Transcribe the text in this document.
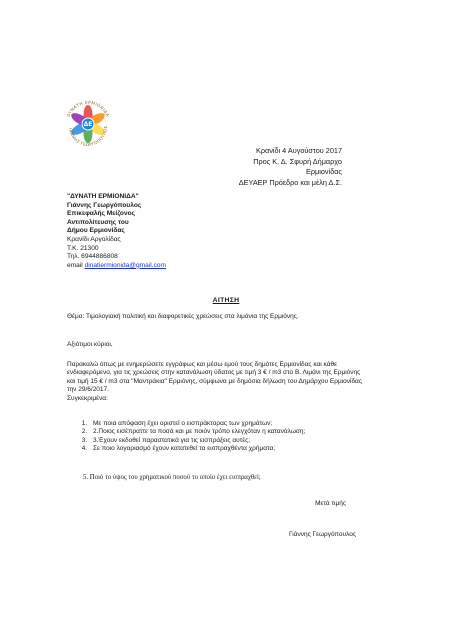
ΔΕ
ΔΥΝΑΤΗ ΕΡΜΙΟΝΙΔΑ
ΙΑΝΝΗΣ ΓΕΩΡΓΟΠΟΥΛΟΣ
Κρανίδι 4 Αυγούστου 2017
Προς Κ. Δ. Σφυρή Δήμαρχο
Ερμιονίδας
ΔΕΥΑΕΡ Πρόεδρο και μέλη Δ.Σ.
"ΔΥΝΑΤΗ ΕΡΜΙΟΝΙΔΑ"
Γιάννης Γεωργόπουλος
Επικεφαλής Μείζονος
Αντιπολίτευσης του
Δήμου Ερμιονίδας
Κρανίδι Αργολίδας
Τ.Κ. 21300
Τηλ. 6944886808
email dinatiermionida@gmail.com
ΑΙΤΗΣΗ
Θέμα: Τιμολογιακή πολιτική και διαφορετικές χρεώσεις στα λιμάνια της Ερμιόνης.
Αξιότιμοι κύριοι,
Παρακαλώ όπως με ενημερώσετε εγγράφως και μέσω εμού τους δημότες Ερμιονίδας και κάθε ενδιαφερόμενο, για τις χρεώσεις στην κατανάλωση ύδατος με τιμή 3 € / m3 στο Β. Λιμάνι της Ερμιόνης και τιμή 15 € / m3 στα "Μαντράκια" Ερμιόνης, σύμφωνα με δημόσια δήλωση του Δημάρχου Ερμιονίδας την 29/6/2017.
Συγκεκριμένα:
1. Με ποια απόφαση έχει οριστεί ο εισπράκτορας των χρημάτων;
2. 2.Ποιος εισέπραττε τα ποσά και με ποιόν τρόπο ελεγχόταν η κατανάλωση;
3. 3.Έχουν εκδοθεί παραστατικά για τις εισπράξεις αυτές;
4. Σε ποιο λογαριασμό έχουν κατατεθεί τα εισπραχθέντα χρήματα;
5. Ποιό το ύψος του χρηματικού ποσού το οποίο έχει εισπραχθεί;
Μετά τιμής
Γιάννης Γεωργόπουλος
